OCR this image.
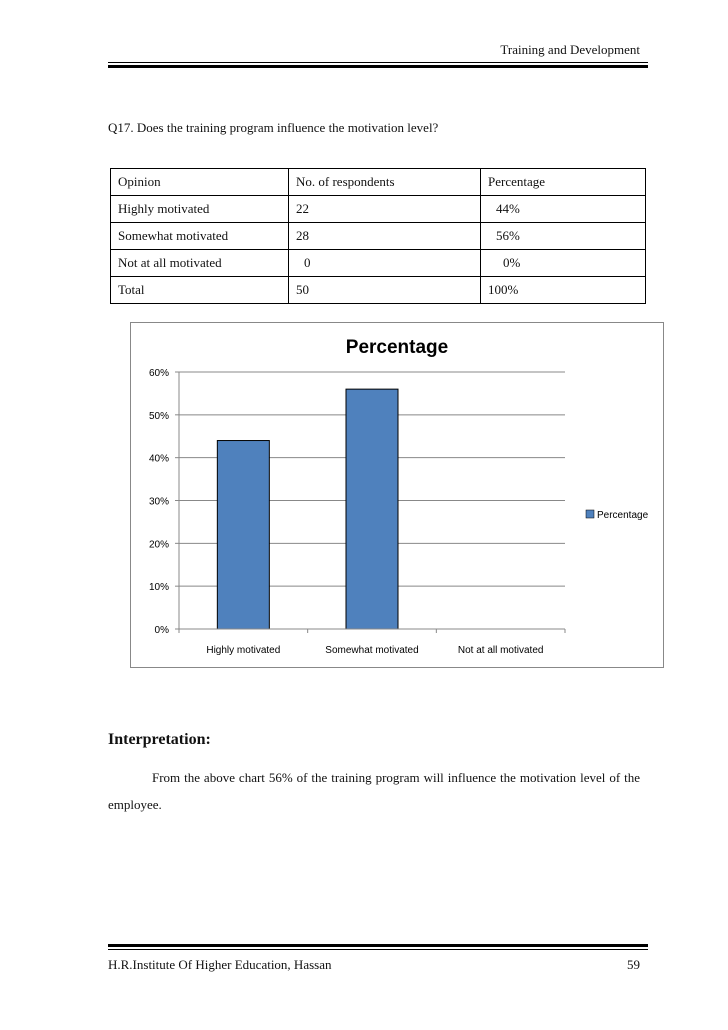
Training and Development
Q17. Does the training program influence the motivation level?
Opinion	No. of respondents	Percentage
Highly motivated	22	44%
Somewhat motivated	28	56%
Not at all motivated	0	0%
Total	50	100%
Percentage
0%
10%
20%
30%
40%
50%
60%
Highly motivated	Somewhat motivated	Not at all motivated
Percentage
Interpretation:
From the above chart 56% of the training program will influence the motivation level of the employee.
H.R.Institute Of Higher Education, Hassan	59
